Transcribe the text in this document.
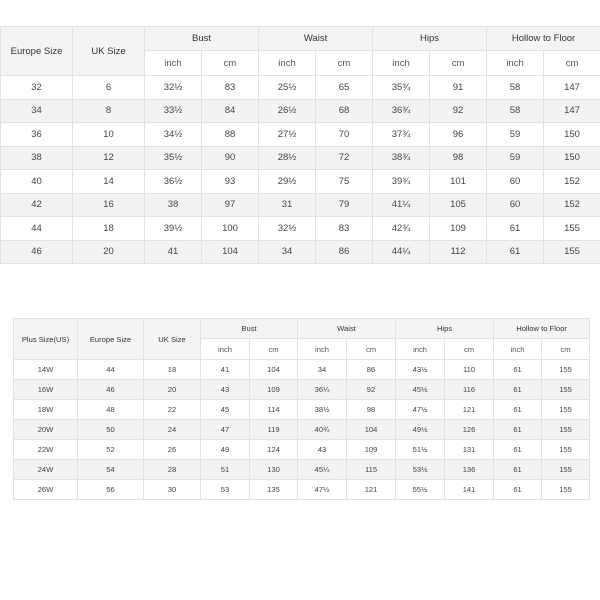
Europe Size	UK Size	Bust		Waist		Hips		Hollow to Floor	
		inch	cm	inch	cm	inch	cm	inch	cm
32	6	32½	83	25½	65	35¾	91	58	147
34	8	33½	84	26½	68	36¾	92	58	147
36	10	34½	88	27½	70	37¾	96	59	150
38	12	35½	90	28½	72	38¾	98	59	150
40	14	36½	93	29½	75	39¾	101	60	152
42	16	38	97	31	79	41¼	105	60	152
44	18	39½	100	32½	83	42¾	109	61	155
46	20	41	104	34	86	44¼	112	61	155
Plus Size(US)	Europe Size	UK Size	Bust		Waist		Hips		Hollow to Floor	
			inch	cm	inch	cm	inch	cm	inch	cm
14W	44	18	41	104	34	86	43½	110	61	155
16W	46	20	43	109	36¼	92	45½	116	61	155
18W	48	22	45	114	38½	98	47½	121	61	155
20W	50	24	47	119	40¾	104	49½	126	61	155
22W	52	26	49	124	43	109	51½	131	61	155
24W	54	28	51	130	45¼	115	53½	136	61	155
26W	56	30	53	135	47½	121	55½	141	61	155
